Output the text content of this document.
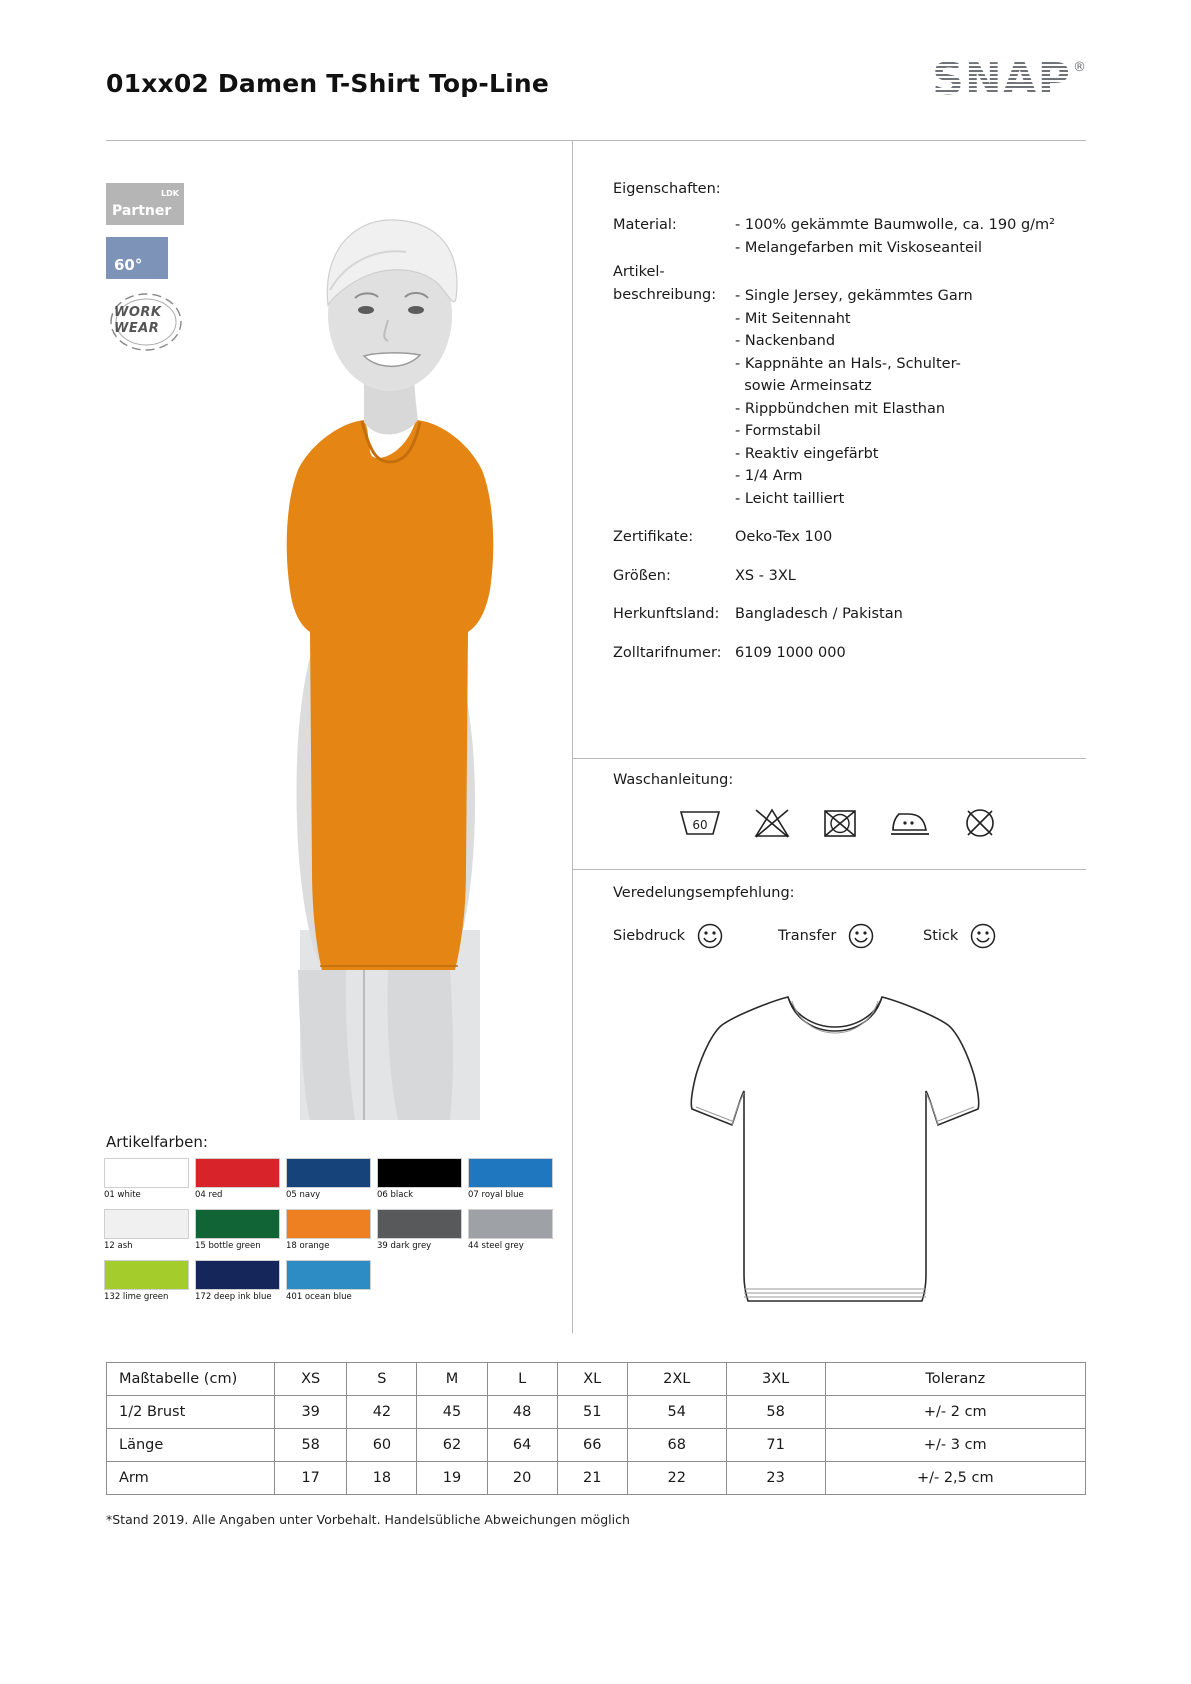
01xx02 Damen T-Shirt Top-Line	SNAP ®
LDK
Partner
60°
WORK
WEAR
Eigenschaften:
Material:	- 100% gekämmte Baumwolle, ca. 190 g/m²
- Melangefarben mit Viskoseanteil
Artikel-
beschreibung:	- Single Jersey, gekämmtes Garn
- Mit Seitennaht
- Nackenband
- Kappnähte an Hals-, Schulter-
sowie Armeinsatz
- Rippbündchen mit Elasthan
- Formstabil
- Reaktiv eingefärbt
- 1/4 Arm
- Leicht tailliert
Zertifikate:	Oeko-Tex 100
Größen:	XS - 3XL
Herkunftsland:	Bangladesch / Pakistan
Zolltarifnumer: 6109 1000 000
Waschanleitung:
60
Veredelungsempfehlung:
Siebdruck	Transfer	Stick
Artikelfarben:
01 white	04 red	05 navy	06 black	07 royal blue
12 ash	15 bottle green	18 orange	39 dark grey	44 steel grey
132 lime green	172 deep ink blue	401 ocean blue
Maßtabelle (cm)	XS	S	M	L	XL	2XL	3XL	Toleranz
1/2 Brust	39	42	45	48	51	54	58	+/- 2 cm
Länge	58	60	62	64	66	68	71	+/- 3 cm
Arm	17	18	19	20	21	22	23	+/- 2,5 cm
*Stand 2019. Alle Angaben unter Vorbehalt. Handelsübliche Abweichungen möglich
